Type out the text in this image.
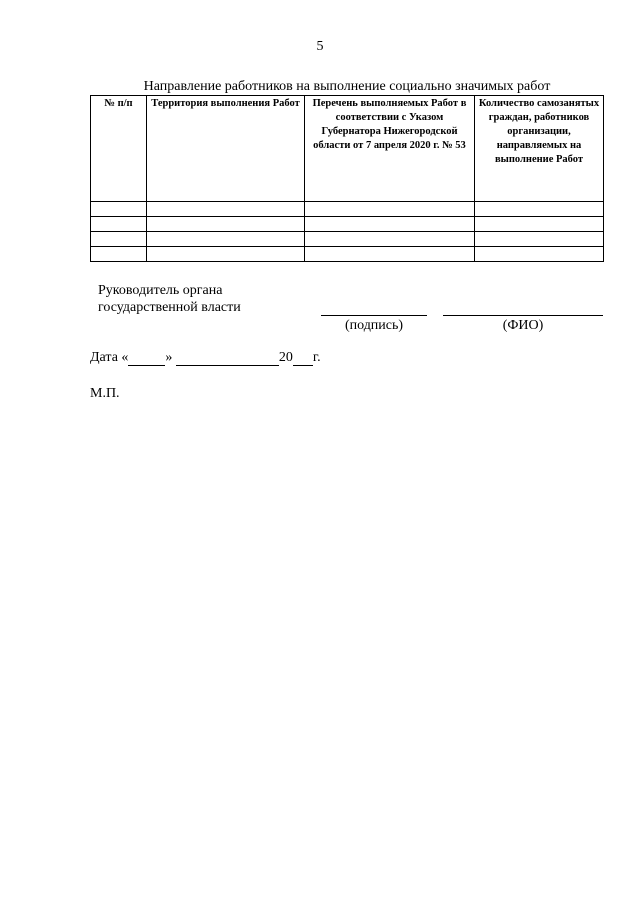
5
Направление работников на выполнение социально значимых работ
№ п/п	Территория выполнения Работ	Перечень выполняемых Работ в соответствии с Указом Губернатора Нижегородской области от 7 апреля 2020 г. № 53	Количество самозанятых граждан, работников организации, направляемых на выполнение Работ

Руководитель органа
государственной власти
(подпись)	(ФИО)
Дата «	»	20 г.
М.П.
